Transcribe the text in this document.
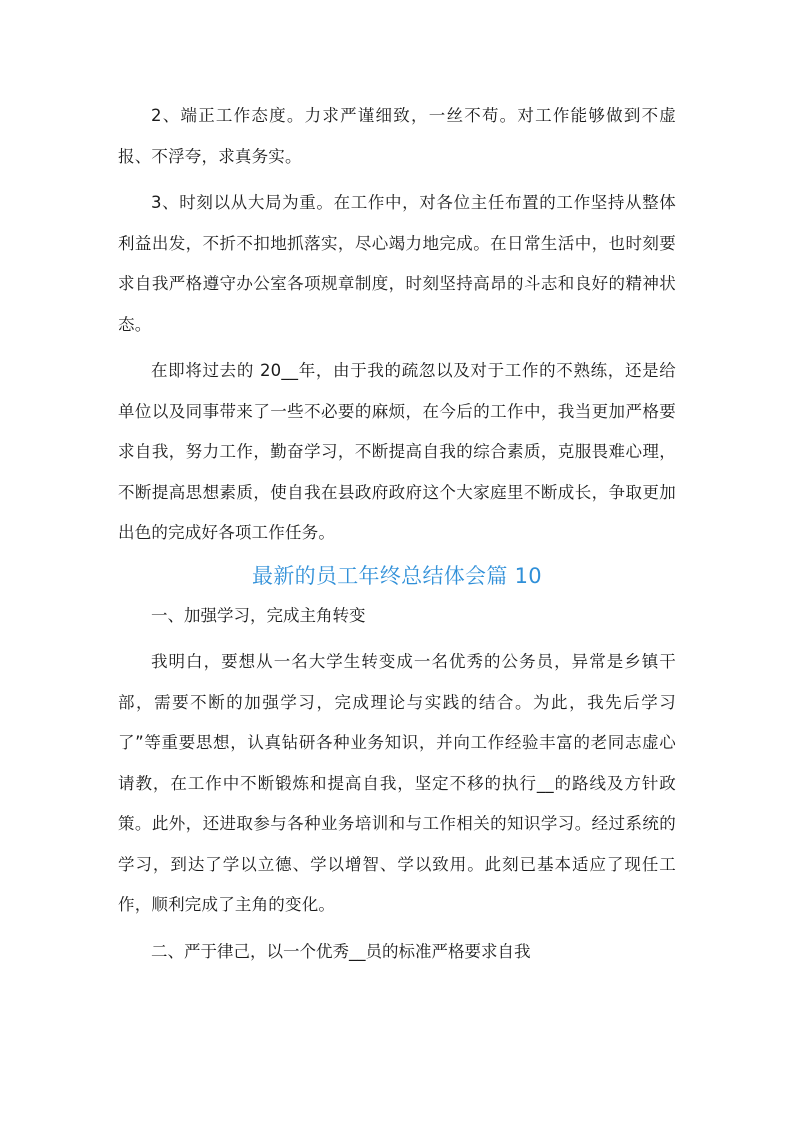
2、端正工作态度。力求严谨细致，一丝不苟。对工作能够做到不虚报、不浮夸，求真务实。

3、时刻以从大局为重。在工作中，对各位主任布置的工作坚持从整体利益出发，不折不扣地抓落实，尽心竭力地完成。在日常生活中，也时刻要求自我严格遵守办公室各项规章制度，时刻坚持高昂的斗志和良好的精神状态。

在即将过去的 20__年，由于我的疏忽以及对于工作的不熟练，还是给单位以及同事带来了一些不必要的麻烦，在今后的工作中，我当更加严格要求自我，努力工作，勤奋学习，不断提高自我的综合素质，克服畏难心理，不断提高思想素质，使自我在县政府政府这个大家庭里不断成长，争取更加出色的完成好各项工作任务。

最新的员工年终总结体会篇 10

一、加强学习，完成主角转变

我明白，要想从一名大学生转变成一名优秀的公务员，异常是乡镇干部，需要不断的加强学习，完成理论与实践的结合。为此，我先后学习了”等重要思想，认真钻研各种业务知识，并向工作经验丰富的老同志虚心请教，在工作中不断锻炼和提高自我，坚定不移的执行__的路线及方针政策。此外，还进取参与各种业务培训和与工作相关的知识学习。经过系统的学习，到达了学以立德、学以增智、学以致用。此刻已基本适应了现任工作，顺利完成了主角的变化。

二、严于律己，以一个优秀__员的标准严格要求自我
